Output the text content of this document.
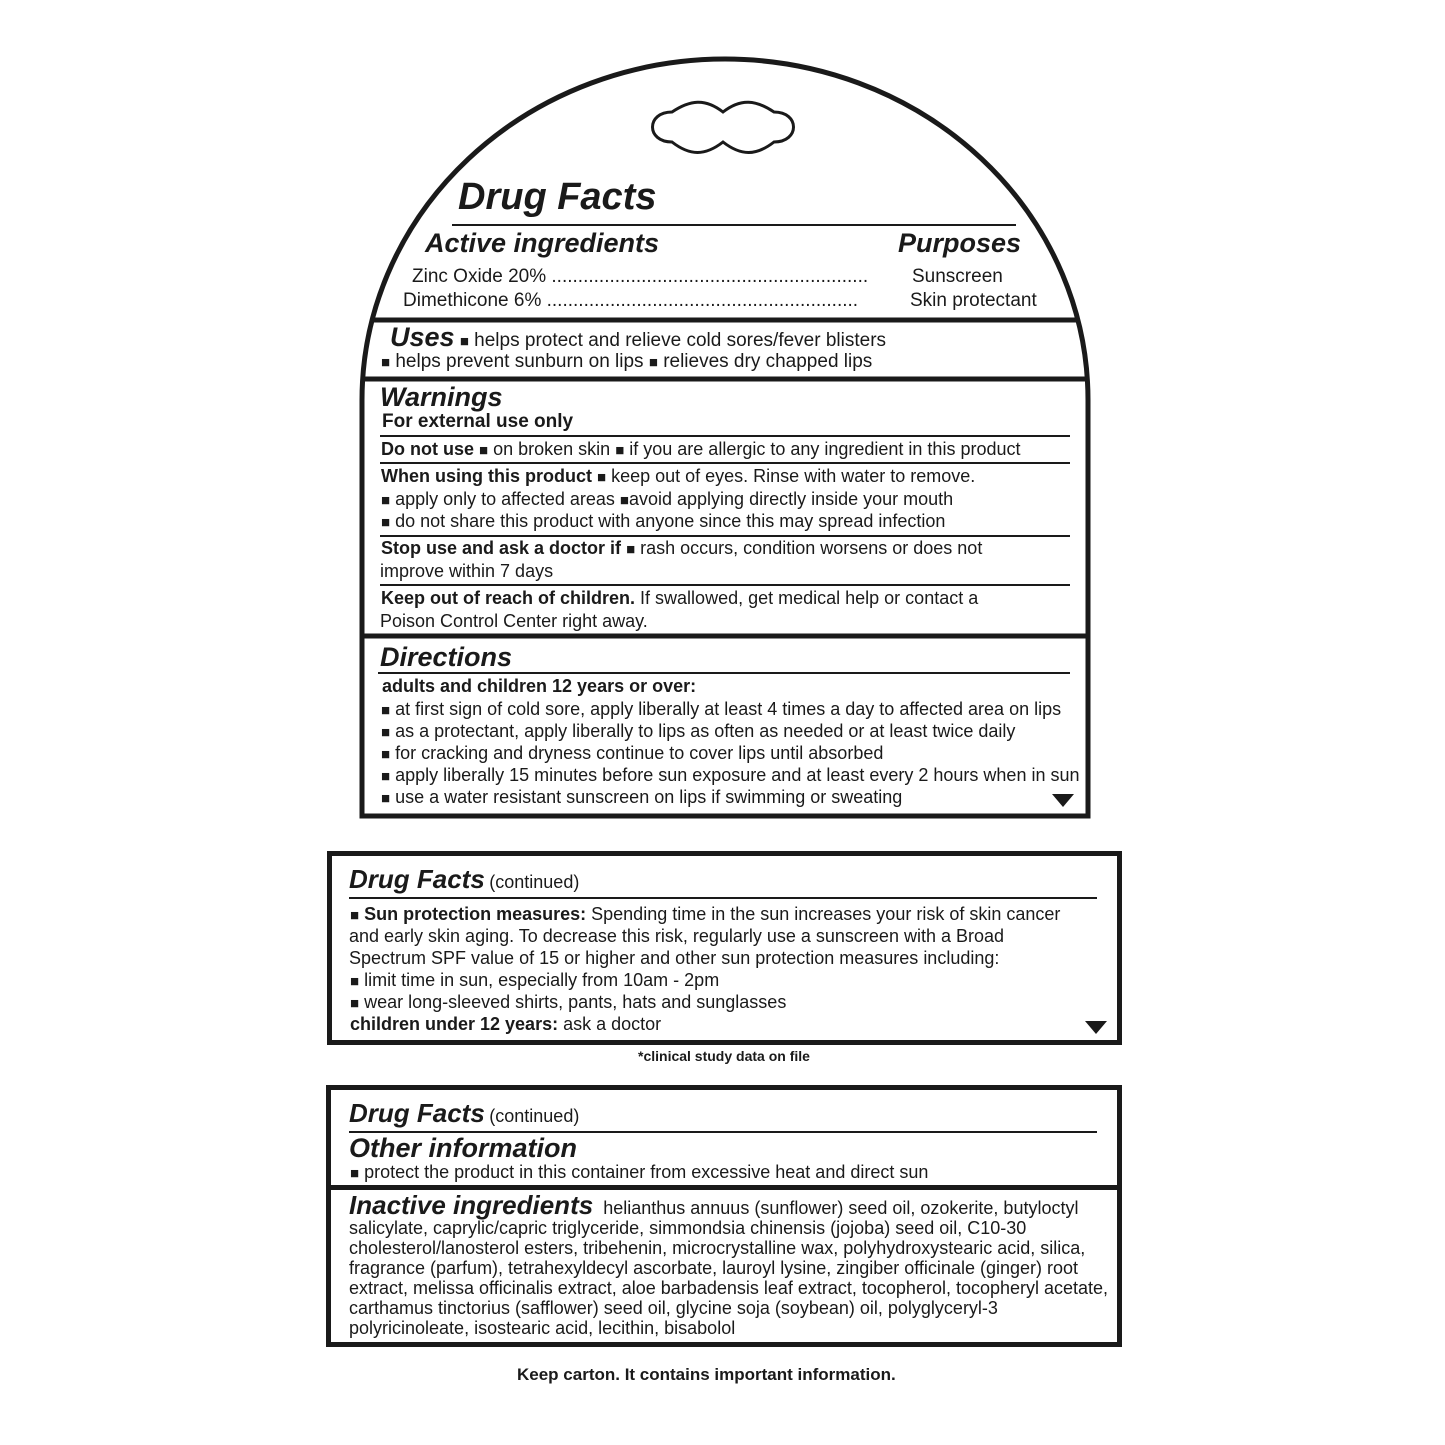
Drug Facts
Active ingredients	Purposes
Zinc Oxide 20% ............................................................ Sunscreen
Dimethicone 6% ...........................................................	Skin protectant
Uses ■ helps protect and relieve cold sores/fever blisters
■ helps prevent sunburn on lips ■ relieves dry chapped lips
Warnings
For external use only
Do not use ■ on broken skin ■ if you are allergic to any ingredient in this product
When using this product ■ keep out of eyes. Rinse with water to remove.
■ apply only to affected areas ■avoid applying directly inside your mouth
■ do not share this product with anyone since this may spread infection
Stop use and ask a doctor if ■ rash occurs, condition worsens or does not
improve within 7 days
Keep out of reach of children. If swallowed, get medical help or contact a
Poison Control Center right away.
Directions
adults and children 12 years or over:
■ at first sign of cold sore, apply liberally at least 4 times a day to affected area on lips
■ as a protectant, apply liberally to lips as often as needed or at least twice daily
■ for cracking and dryness continue to cover lips until absorbed
■ apply liberally 15 minutes before sun exposure and at least every 2 hours when in sun
■ use a water resistant sunscreen on lips if swimming or sweating
Drug Facts (continued)
■ Sun protection measures: Spending time in the sun increases your risk of skin cancer
and early skin aging. To decrease this risk, regularly use a sunscreen with a Broad
Spectrum SPF value of 15 or higher and other sun protection measures including:
■ limit time in sun, especially from 10am - 2pm
■ wear long-sleeved shirts, pants, hats and sunglasses
children under 12 years: ask a doctor
*clinical study data on file
Drug Facts (continued)
Other information
■ protect the product in this container from excessive heat and direct sun
Inactive ingredients helianthus annuus (sunflower) seed oil, ozokerite, butyloctyl
salicylate, caprylic/capric triglyceride, simmondsia chinensis (jojoba) seed oil, C10-30
cholesterol/lanosterol esters, tribehenin, microcrystalline wax, polyhydroxystearic acid, silica,
fragrance (parfum), tetrahexyldecyl ascorbate, lauroyl lysine, zingiber officinale (ginger) root
extract, melissa officinalis extract, aloe barbadensis leaf extract, tocopherol, tocopheryl acetate,
carthamus tinctorius (safflower) seed oil, glycine soja (soybean) oil, polyglyceryl-3
polyricinoleate, isostearic acid, lecithin, bisabolol
Keep carton. It contains important information.
